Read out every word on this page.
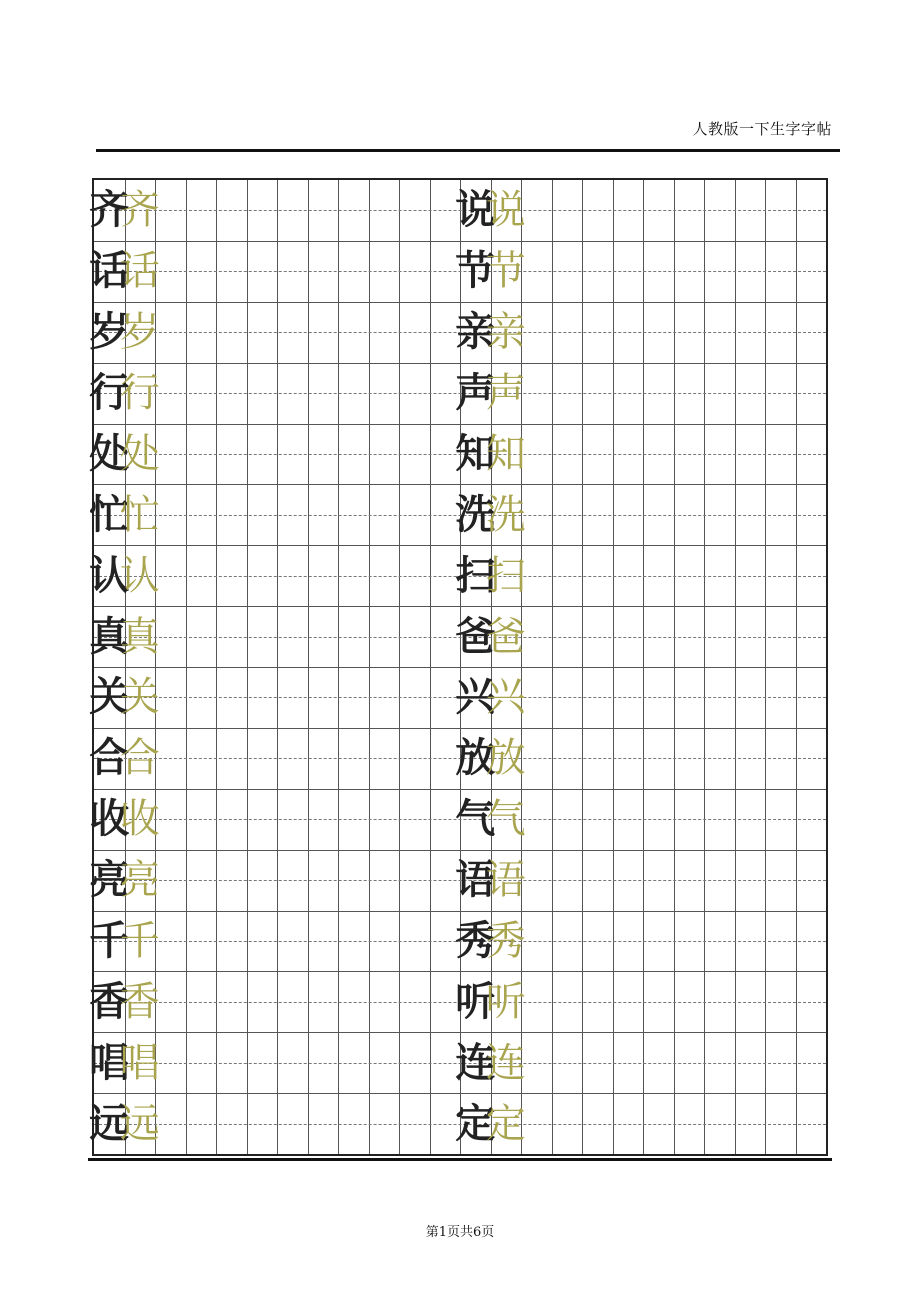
人教版一下生字字帖
齐
齐
话
话
岁
岁
行
行
处
处
忙
忙
认
认
真
真
关
关
合
合
收
收
亮
亮
千
千
香
香
唱
唱
远
远
说
说
节
节
亲
亲
声
声
知
知
洗
洗
扫
扫
爸
爸
兴
兴
放
放
气
气
语
语
秀
秀
听
听
连
连
定
定
第1页共6页
